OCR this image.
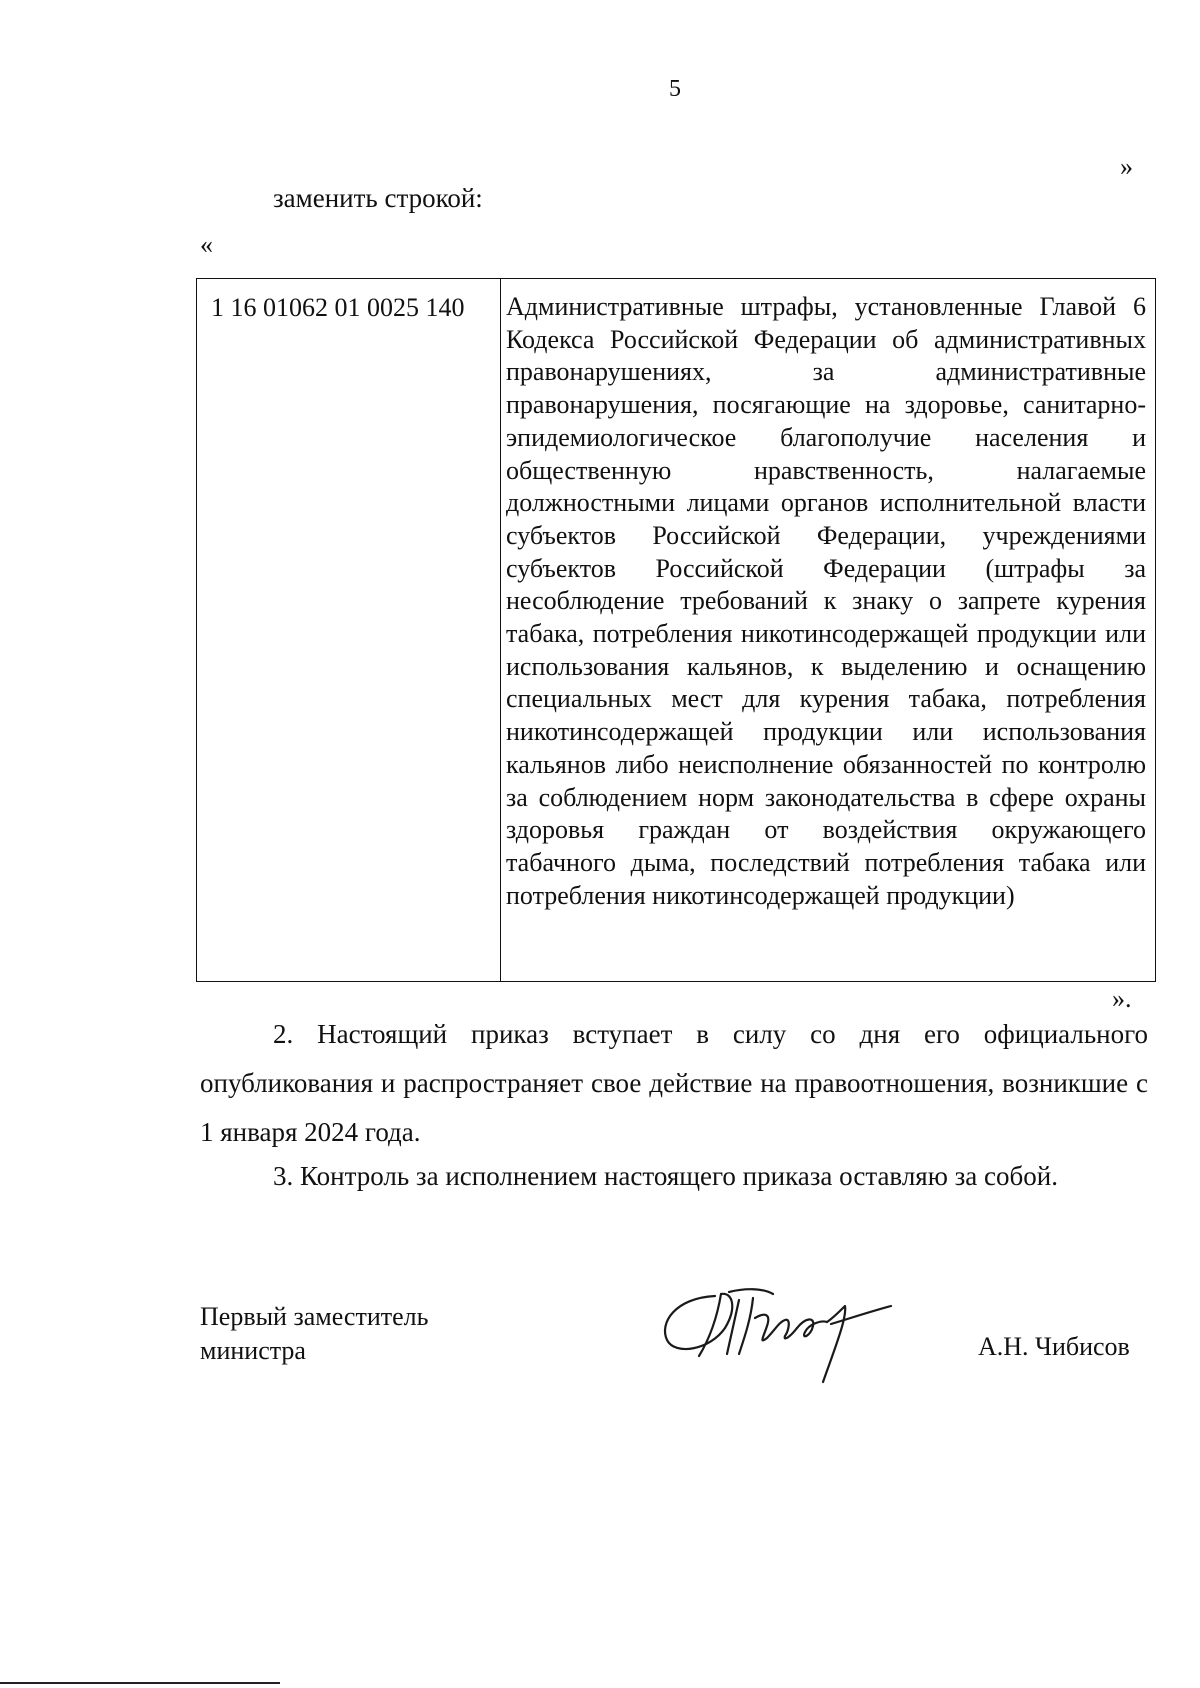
5
»
заменить строкой:
«
1 16 01062 01 0025 140 Административные штрафы, установленные Главой 6 Кодекса Российской Федерации об административных правонарушениях, за административные правонарушения, посягающие на здоровье, санитарно-эпидемиологическое благополучие населения и общественную нравственность, налагаемые должностными лицами органов исполнительной власти субъектов Российской Федерации, учреждениями субъектов Российской Федерации (штрафы за несоблюдение требований к знаку о запрете курения табака, потребления никотинсодержащей продукции или использования кальянов, к выделению и оснащению специальных мест для курения табака, потребления никотинсодержащей продукции или использования кальянов либо неисполнение обязанностей по контролю за соблюдением норм законодательства в сфере охраны здоровья граждан от воздействия окружающего табачного дыма, последствий потребления табака или потребления никотинсодержащей продукции)
».
2. Настоящий приказ вступает в силу со дня его официального опубликования и распространяет свое действие на правоотношения, возникшие с 1 января 2024 года.
3. Контроль за исполнением настоящего приказа оставляю за собой.
Первый заместитель
министра	А.Н. Чибисов
